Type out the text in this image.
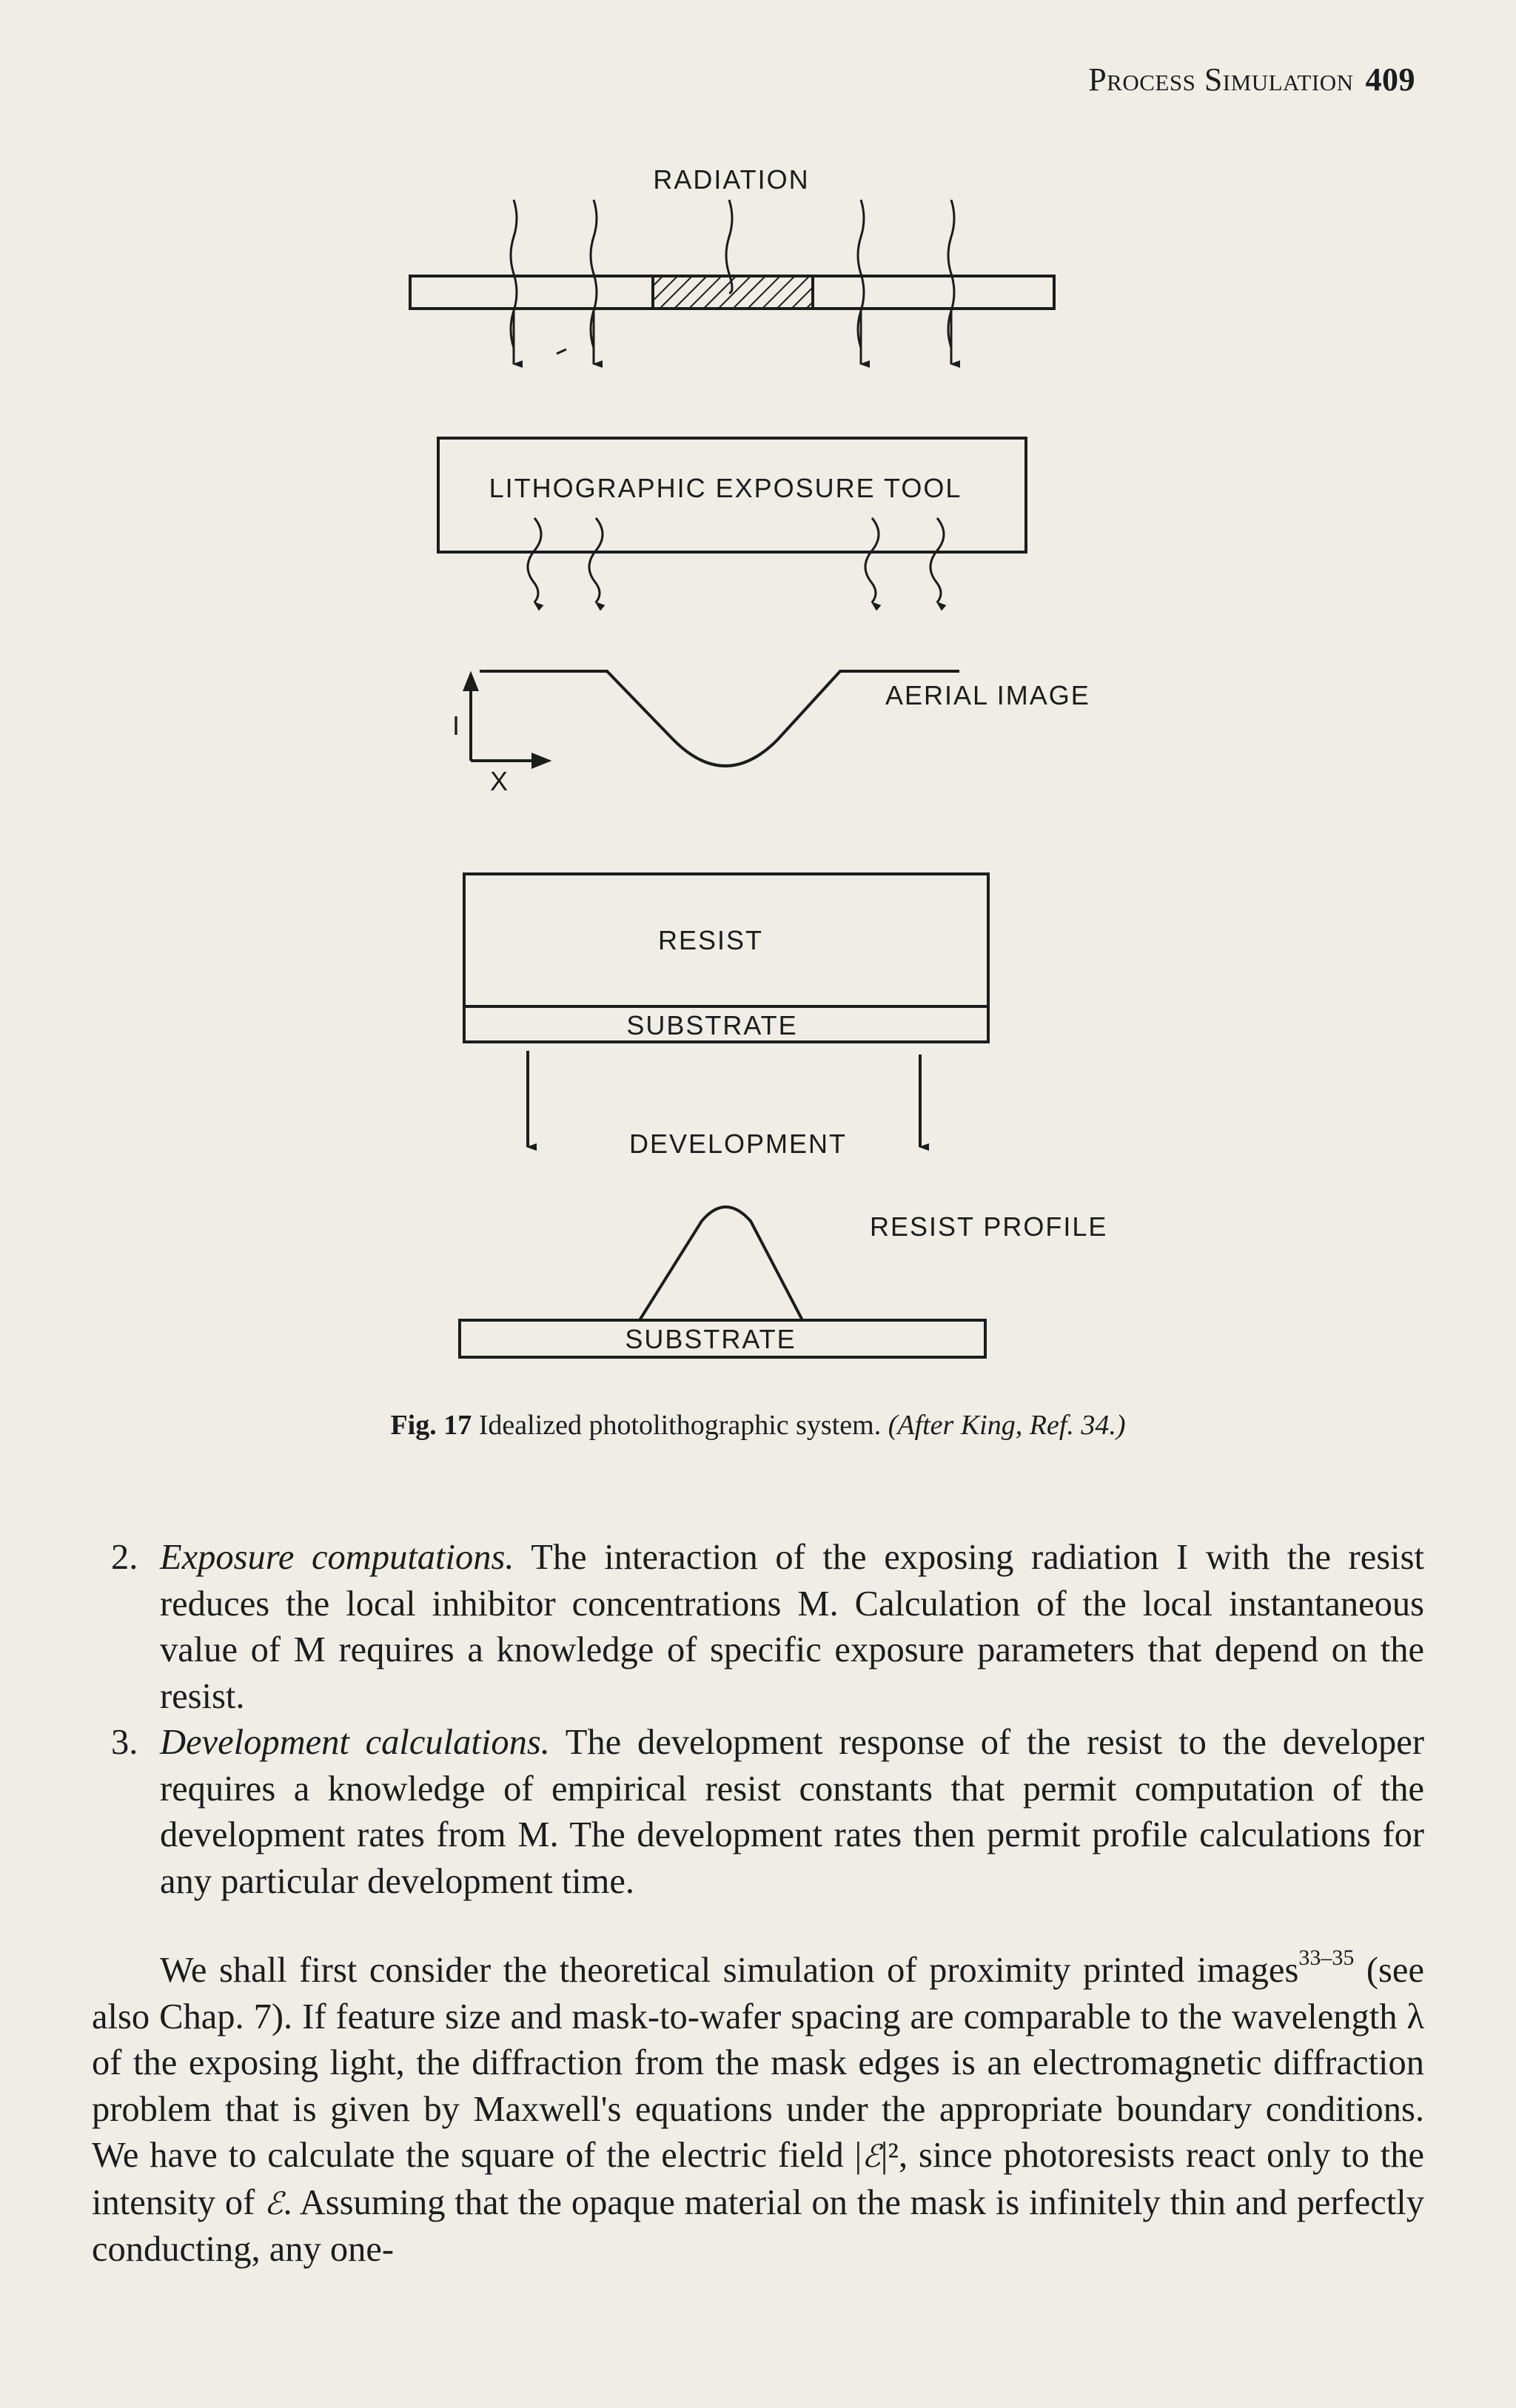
Process Simulation 409
RADIATION
LITHOGRAPHIC EXPOSURE TOOL
I
X
AERIAL IMAGE
RESIST
SUBSTRATE
DEVELOPMENT
RESIST PROFILE
SUBSTRATE
Fig. 17 Idealized photolithographic system. (After King, Ref. 34.)
2. Exposure computations. The interaction of the exposing radiation I with the resist reduces the local inhibitor concentrations M. Calculation of the local instantaneous value of M requires a knowledge of specific exposure parameters that depend on the resist.
3. Development calculations. The development response of the resist to the developer requires a knowledge of empirical resist constants that permit computation of the development rates from M. The development rates then permit profile calculations for any particular development time.
We shall first consider the theoretical simulation of proximity printed images$^{33-35}$ (see also Chap. 7). If feature size and mask-to-wafer spacing are comparable to the wavelength λ of the exposing light, the diffraction from the mask edges is an electromagnetic diffraction problem that is given by Maxwell's equations under the appropriate boundary conditions. We have to calculate the square of the electric field |ℰ|², since photoresists react only to the intensity of ℰ. Assuming that the opaque material on the mask is infinitely thin and perfectly conducting, any one-
